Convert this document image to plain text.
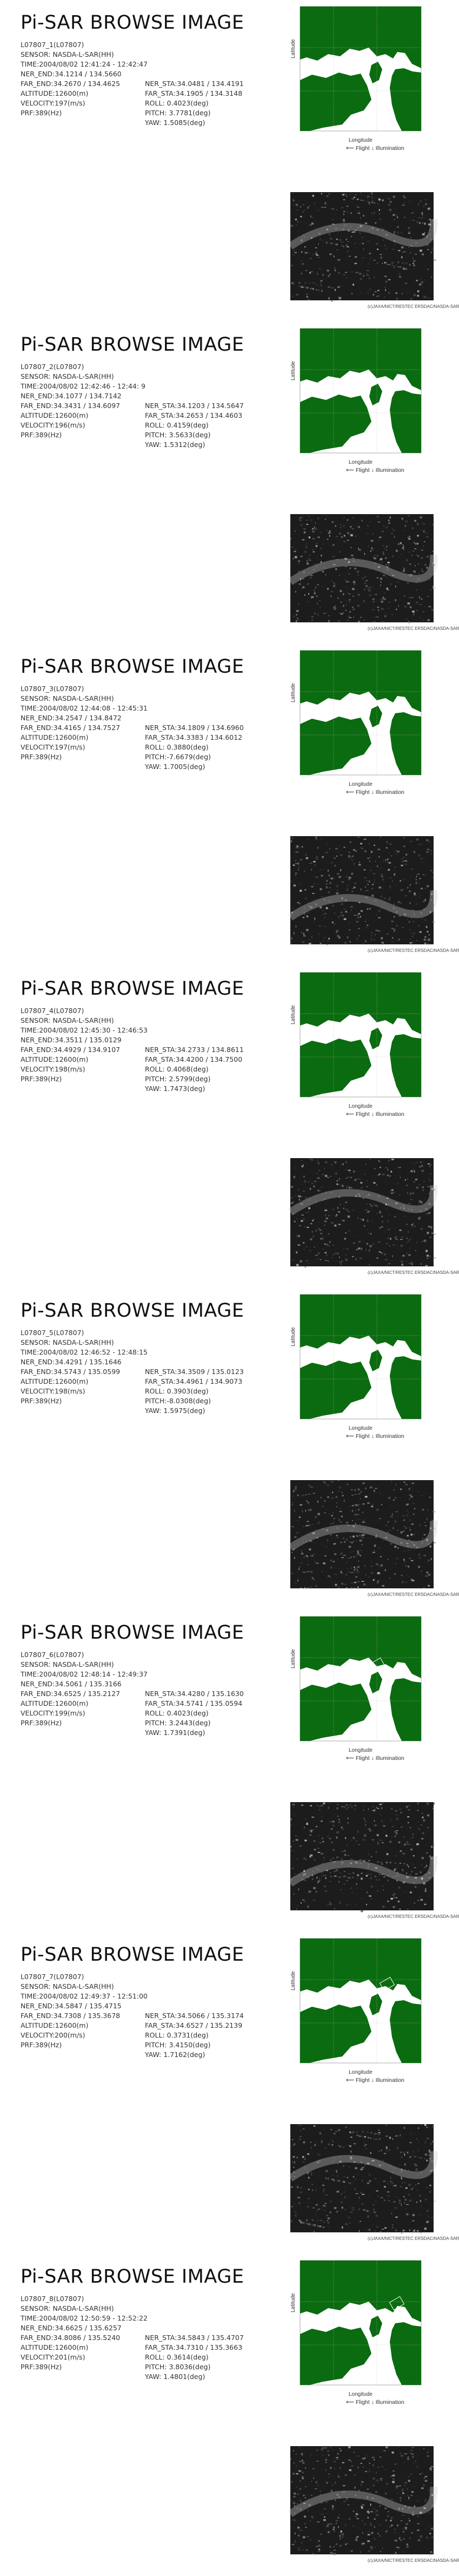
Pi-SAR BROWSE IMAGE
L07807_1(L07807)
SENSOR: NASDA-L-SAR(HH)
TIME:2004/08/02 12:41:24 - 12:42:47
NER_END:34.1214 / 134.5660
FAR_END:34.2670 / 134.4625
ALTITUDE:12600(m)
VELOCITY:197(m/s)
PRF:389(Hz)
NER_STA:34.0481 / 134.4191
FAR_STA:34.1905 / 134.3148
ROLL: 0.4023(deg)
PITCH: 3.7781(deg)
YAW: 1.5085(deg)
Latitude
Longitude
⟵ Flight ↓ Illumination
(c)JAXA/NICT/RESTEC ERSDAC/NASDA-SAR
Pi-SAR BROWSE IMAGE
L07807_2(L07807)
SENSOR: NASDA-L-SAR(HH)
TIME:2004/08/02 12:42:46 - 12:44: 9
NER_END:34.1077 / 134.7142
FAR_END:34.3431 / 134.6097
ALTITUDE:12600(m)
VELOCITY:196(m/s)
PRF:389(Hz)
NER_STA:34.1203 / 134.5647
FAR_STA:34.2653 / 134.4603
ROLL: 0.4159(deg)
PITCH: 3.5633(deg)
YAW: 1.5312(deg)
Latitude
Longitude
⟵ Flight ↓ Illumination
(c)JAXA/NICT/RESTEC ERSDAC/NASDA-SAR
Pi-SAR BROWSE IMAGE
L07807_3(L07807)
SENSOR: NASDA-L-SAR(HH)
TIME:2004/08/02 12:44:08 - 12:45:31
NER_END:34.2547 / 134.8472
FAR_END:34.4165 / 134.7527
ALTITUDE:12600(m)
VELOCITY:197(m/s)
PRF:389(Hz)
NER_STA:34.1809 / 134.6960
FAR_STA:34.3383 / 134.6012
ROLL: 0.3880(deg)
PITCH:-7.6679(deg)
YAW: 1.7005(deg)
Latitude
Longitude
⟵ Flight ↓ Illumination
(c)JAXA/NICT/RESTEC ERSDAC/NASDA-SAR
Pi-SAR BROWSE IMAGE
L07807_4(L07807)
SENSOR: NASDA-L-SAR(HH)
TIME:2004/08/02 12:45:30 - 12:46:53
NER_END:34.3511 / 135.0129
FAR_END:34.4929 / 134.9107
ALTITUDE:12600(m)
VELOCITY:198(m/s)
PRF:389(Hz)
NER_STA:34.2733 / 134.8611
FAR_STA:34.4200 / 134.7500
ROLL: 0.4068(deg)
PITCH: 2.5799(deg)
YAW: 1.7473(deg)
Latitude
Longitude
⟵ Flight ↓ Illumination
(c)JAXA/NICT/RESTEC ERSDAC/NASDA-SAR
Pi-SAR BROWSE IMAGE
L07807_5(L07807)
SENSOR: NASDA-L-SAR(HH)
TIME:2004/08/02 12:46:52 - 12:48:15
NER_END:34.4291 / 135.1646
FAR_END:34.5743 / 135.0599
ALTITUDE:12600(m)
VELOCITY:198(m/s)
PRF:389(Hz)
NER_STA:34.3509 / 135.0123
FAR_STA:34.4961 / 134.9073
ROLL: 0.3903(deg)
PITCH:-8.0308(deg)
YAW: 1.5975(deg)
Latitude
Longitude
⟵ Flight ↓ Illumination
(c)JAXA/NICT/RESTEC ERSDAC/NASDA-SAR
Pi-SAR BROWSE IMAGE
L07807_6(L07807)
SENSOR: NASDA-L-SAR(HH)
TIME:2004/08/02 12:48:14 - 12:49:37
NER_END:34.5061 / 135.3166
FAR_END:34.6525 / 135.2127
ALTITUDE:12600(m)
VELOCITY:199(m/s)
PRF:389(Hz)
NER_STA:34.4280 / 135.1630
FAR_STA:34.5741 / 135.0594
ROLL: 0.4023(deg)
PITCH: 3.2443(deg)
YAW: 1.7391(deg)
Latitude
Longitude
⟵ Flight ↓ Illumination
(c)JAXA/NICT/RESTEC ERSDAC/NASDA-SAR
Pi-SAR BROWSE IMAGE
L07807_7(L07807)
SENSOR: NASDA-L-SAR(HH)
TIME:2004/08/02 12:49:37 - 12:51:00
NER_END:34.5847 / 135.4715
FAR_END:34.7308 / 135.3678
ALTITUDE:12600(m)
VELOCITY:200(m/s)
PRF:389(Hz)
NER_STA:34.5066 / 135.3174
FAR_STA:34.6527 / 135.2139
ROLL: 0.3731(deg)
PITCH: 3.4150(deg)
YAW: 1.7162(deg)
Latitude
Longitude
⟵ Flight ↓ Illumination
(c)JAXA/NICT/RESTEC ERSDAC/NASDA-SAR
Pi-SAR BROWSE IMAGE
L07807_8(L07807)
SENSOR: NASDA-L-SAR(HH)
TIME:2004/08/02 12:50:59 - 12:52:22
NER_END:34.6625 / 135.6257
FAR_END:34.8086 / 135.5240
ALTITUDE:12600(m)
VELOCITY:201(m/s)
PRF:389(Hz)
NER_STA:34.5843 / 135.4707
FAR_STA:34.7310 / 135.3663
ROLL: 0.3614(deg)
PITCH: 3.8036(deg)
YAW: 1.4801(deg)
Latitude
Longitude
⟵ Flight ↓ Illumination
(c)JAXA/NICT/RESTEC ERSDAC/NASDA-SAR
